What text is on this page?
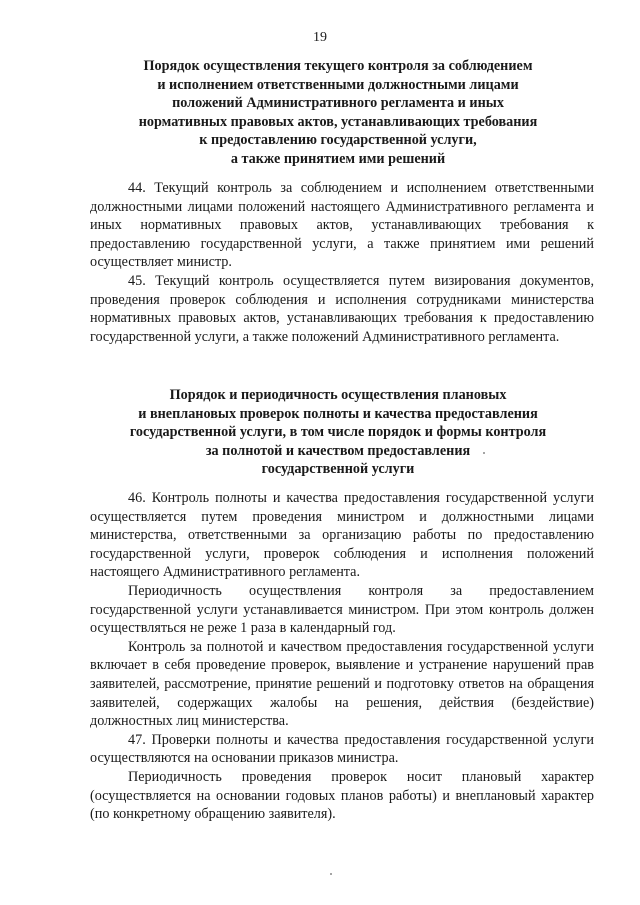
19
Порядок осуществления текущего контроля за соблюдением
и исполнением ответственными должностными лицами
положений Административного регламента и иных
нормативных правовых актов, устанавливающих требования
к предоставлению государственной услуги,
а также принятием ими решений

44. Текущий контроль за соблюдением и исполнением ответственными должностными лицами положений настоящего Административного регламента и иных нормативных правовых актов, устанавливающих требования к предоставлению государственной услуги, а также принятием ими решений осуществляет министр.

45. Текущий контроль осуществляется путем визирования документов, проведения проверок соблюдения и исполнения сотрудниками министерства нормативных правовых актов, устанавливающих требования к предоставлению государственной услуги, а также положений Административного регламента.

Порядок и периодичность осуществления плановых
и внеплановых проверок полноты и качества предоставления
государственной услуги, в том числе порядок и формы контроля
за полнотой и качеством предоставления
государственной услуги

46. Контроль полноты и качества предоставления государственной услуги осуществляется путем проведения министром и должностными лицами министерства, ответственными за организацию работы по предоставлению государственной услуги, проверок соблюдения и исполнения положений настоящего Административного регламента.

Периодичность осуществления контроля за предоставлением государственной услуги устанавливается министром. При этом контроль должен осуществляться не реже 1 раза в календарный год.

Контроль за полнотой и качеством предоставления государственной услуги включает в себя проведение проверок, выявление и устранение нарушений прав заявителей, рассмотрение, принятие решений и подготовку ответов на обращения заявителей, содержащих жалобы на решения, действия (бездействие) должностных лиц министерства.

47. Проверки полноты и качества предоставления государственной услуги осуществляются на основании приказов министра.

Периодичность проведения проверок носит плановый характер (осуществляется на основании годовых планов работы) и внеплановый характер (по конкретному обращению заявителя).
